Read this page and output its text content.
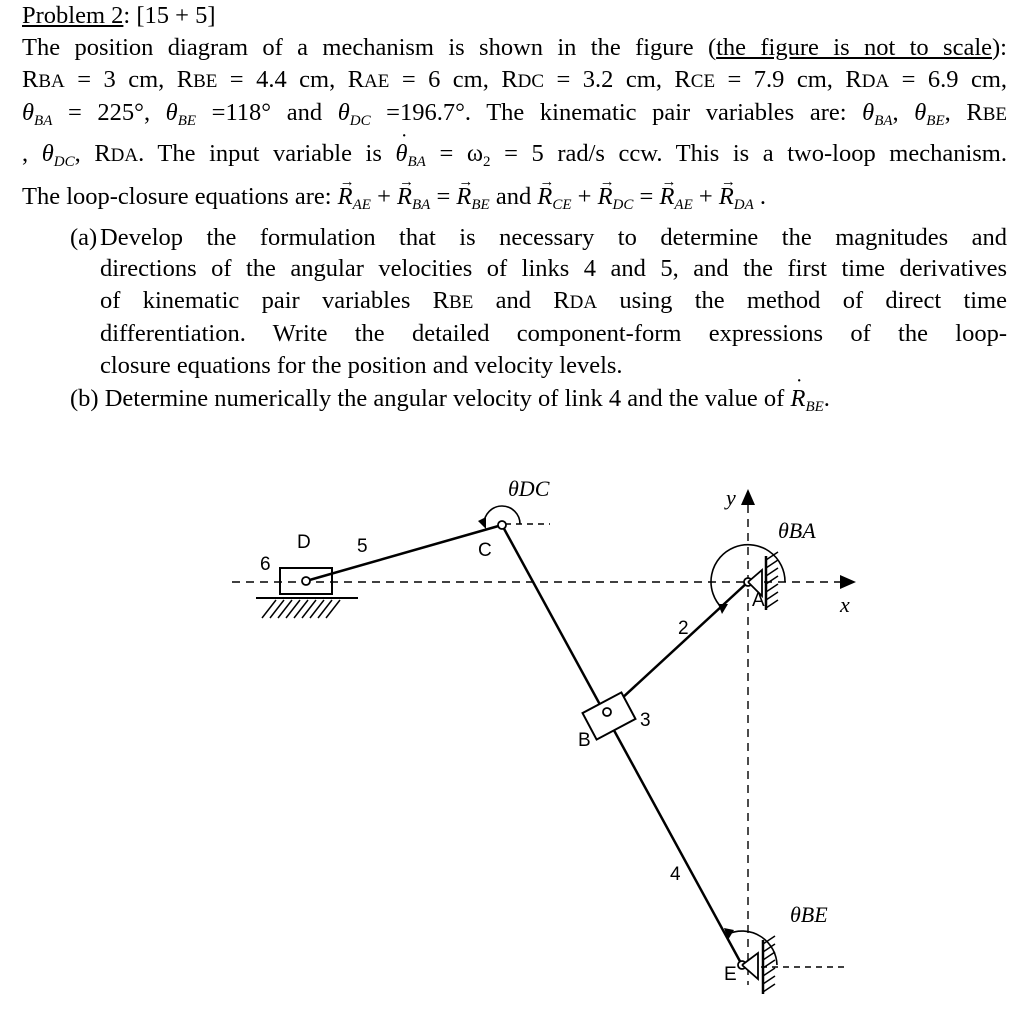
Problem 2: [15 + 5]
The position diagram of a mechanism is shown in the figure (the figure is not to scale):
RBA = 3 cm, RBE = 4.4 cm, RAE = 6 cm, RDC = 3.2 cm, RCE = 7.9 cm, RDA = 6.9 cm,
$\theta_{BA} = 225^\circ$, $\theta_{BE} =118^\circ$ and $\theta_{DC} =196.7^\circ$. The kinematic pair variables are: $\theta_{BA}$, $\theta_{BE}$, RBE
, $\theta_{DC}$, RDA. The input variable is ˙ $\theta_{BA} = \omega_2 = 5$ rad/s ccw. This is a two-loop mechanism.
The loop-closure equations are: → $R_{AE}$ + → $R_{BA}$ = → $R_{BE}$ and → $R_{CE}$ + → $R_{DC}$ = → $R_{AE}$ + → $R_{DA}$ .
(a) Develop the formulation that is necessary to determine the magnitudes and
directions of the angular velocities of links 4 and 5, and the first time derivatives
of kinematic pair variables RBE and RDA using the method of direct time
differentiation. Write the detailed component-form expressions of the loop-
closure equations for the position and velocity levels.
(b) Determine numerically the angular velocity of link 4 and the value of ˙ $R_{BE}$.
D 5
6
C
B
3
2
4
A
E
y
x
θDC
θBA
θBE
